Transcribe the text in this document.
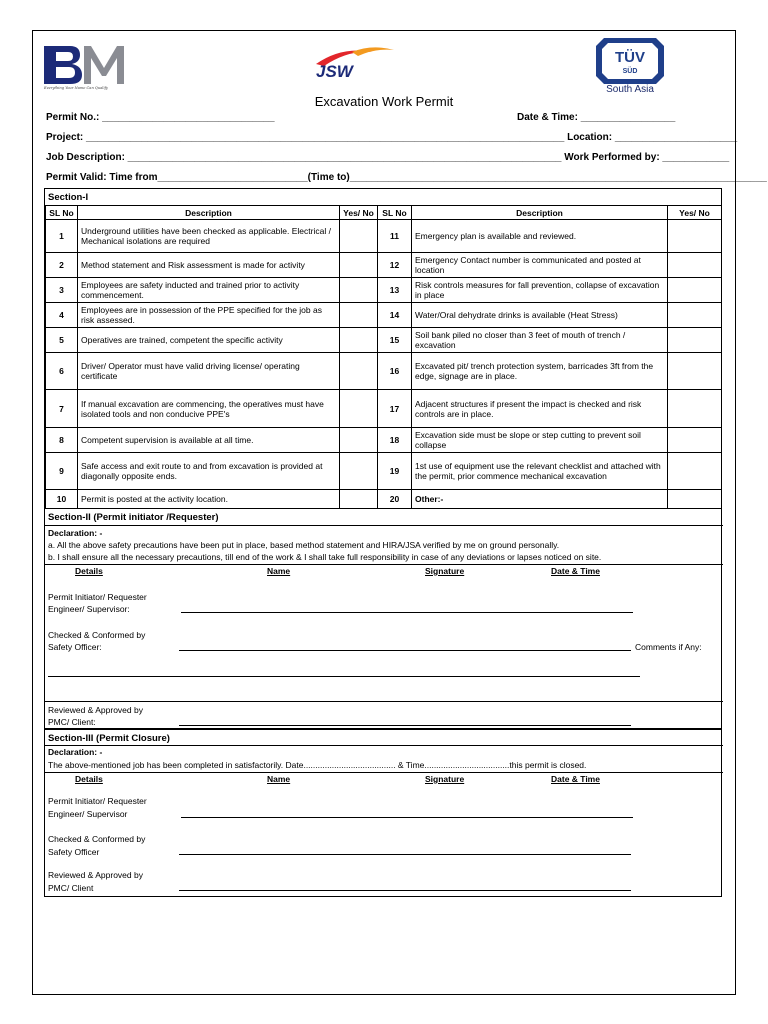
Everything Your Name Can Qualify
JSW
TÜV
SÜD
South Asia
Excavation Work Permit
Permit No.: _______________________________	Date & Time: _________________
Project: ______________________________________________________________________________________ Location: ______________________
Job Description: ______________________________________________________________________________ Work Performed by: ____________
Permit Valid: Time from___________________________(Time to)___________________________________________________________________________
Section-I
SL No	Description	Yes/ No	SL No	Description	Yes/ No
1	Underground utilities have been checked as applicable. Electrical / Mechanical isolations are required		11	Emergency plan is available and reviewed.	
2	Method statement and Risk assessment is made for activity		12	Emergency Contact number is communicated and posted at location	
3	Employees are safety inducted and trained prior to activity commencement.		13	Risk controls measures for fall prevention, collapse of excavation in place	
4	Employees are in possession of the PPE specified for the job as risk assessed.		14	Water/Oral dehydrate drinks is available (Heat Stress)	
5	Operatives are trained, competent the specific activity		15	Soil bank piled no closer than 3 feet of mouth of trench / excavation	
6	Driver/ Operator must have valid driving license/ operating certificate		16	Excavated pit/ trench protection system, barricades 3ft from the edge, signage are in place.	
7	If manual excavation are commencing, the operatives must have isolated tools and non conducive PPE's		17	Adjacent structures if present the impact is checked and risk controls are in place.	
8	Competent supervision is available at all time.		18	Excavation side must be slope or step cutting to prevent soil collapse	
9	Safe access and exit route to and from excavation is provided at diagonally opposite ends.		19	1st use of equipment use the relevant checklist and attached with the permit, prior commence mechanical excavation	
10	Permit is posted at the activity location.		20	Other:-	
Section-II (Permit initiator /Requester)
Declaration: -
a. All the above safety precautions have been put in place, based method statement and HIRA/JSA verified by me on ground personally.
b. I shall ensure all the necessary precautions, till end of the work & I shall take full responsibility in case of any deviations or lapses noticed on site.
Details	Name	Signature	Date & Time
Permit Initiator/ Requester
Engineer/ Supervisor:
Checked & Conformed by
Safety Officer:	Comments if Any:
Reviewed & Approved by
PMC/ Client:
Section-III (Permit Closure)
Declaration: -
The above-mentioned job has been completed in satisfactorily. Date....................................... & Time....................................this permit is closed.
Details	Name	Signature	Date & Time
Permit Initiator/ Requester
Engineer/ Supervisor
Checked & Conformed by
Safety Officer
Reviewed & Approved by
PMC/ Client
